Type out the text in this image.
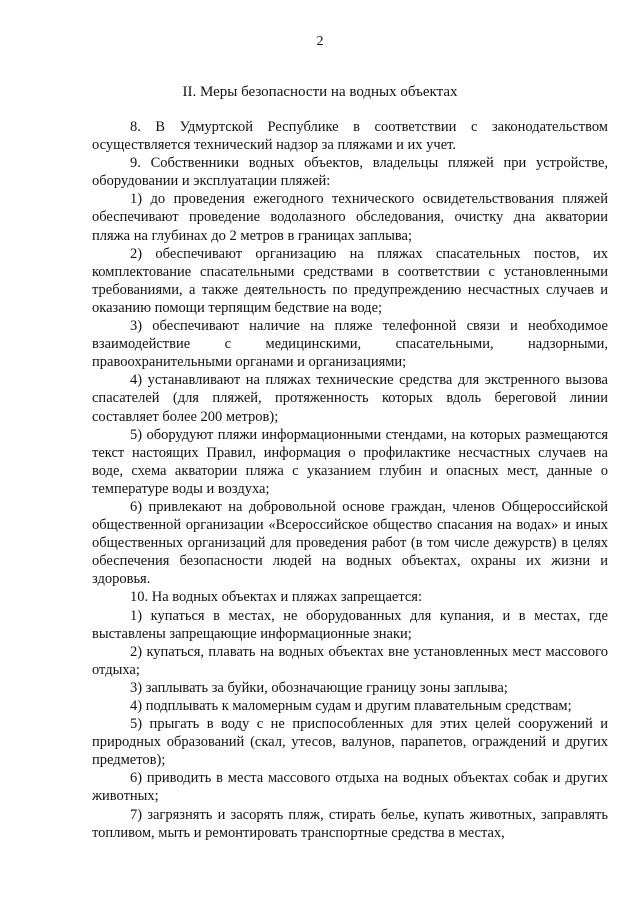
2
II. Меры безопасности на водных объектах

8. В Удмуртской Республике в соответствии с законодательством осуществляется технический надзор за пляжами и их учет.

9. Собственники водных объектов, владельцы пляжей при устройстве, оборудовании и эксплуатации пляжей:

1) до проведения ежегодного технического освидетельствования пляжей обеспечивают проведение водолазного обследования, очистку дна акватории пляжа на глубинах до 2 метров в границах заплыва;

2) обеспечивают организацию на пляжах спасательных постов, их комплектование спасательными средствами в соответствии с установленными требованиями, а также деятельность по предупреждению несчастных случаев и оказанию помощи терпящим бедствие на воде;

3) обеспечивают наличие на пляже телефонной связи и необходимое взаимодействие с медицинскими, спасательными, надзорными, правоохранительными органами и организациями;

4) устанавливают на пляжах технические средства для экстренного вызова спасателей (для пляжей, протяженность которых вдоль береговой линии составляет более 200 метров);

5) оборудуют пляжи информационными стендами, на которых размещаются текст настоящих Правил, информация о профилактике несчастных случаев на воде, схема акватории пляжа с указанием глубин и опасных мест, данные о температуре воды и воздуха;

6) привлекают на добровольной основе граждан, членов Общероссийской общественной организации «Всероссийское общество спасания на водах» и иных общественных организаций для проведения работ (в том числе дежурств) в целях обеспечения безопасности людей на водных объектах, охраны их жизни и здоровья.

10. На водных объектах и пляжах запрещается:

1) купаться в местах, не оборудованных для купания, и в местах, где выставлены запрещающие информационные знаки;

2) купаться, плавать на водных объектах вне установленных мест массового отдыха;

3) заплывать за буйки, обозначающие границу зоны заплыва;

4) подплывать к маломерным судам и другим плавательным средствам;

5) прыгать в воду с не приспособленных для этих целей сооружений и природных образований (скал, утесов, валунов, парапетов, ограждений и других предметов);

6) приводить в места массового отдыха на водных объектах собак и других животных;

7) загрязнять и засорять пляж, стирать белье, купать животных, заправлять топливом, мыть и ремонтировать транспортные средства в местах,
